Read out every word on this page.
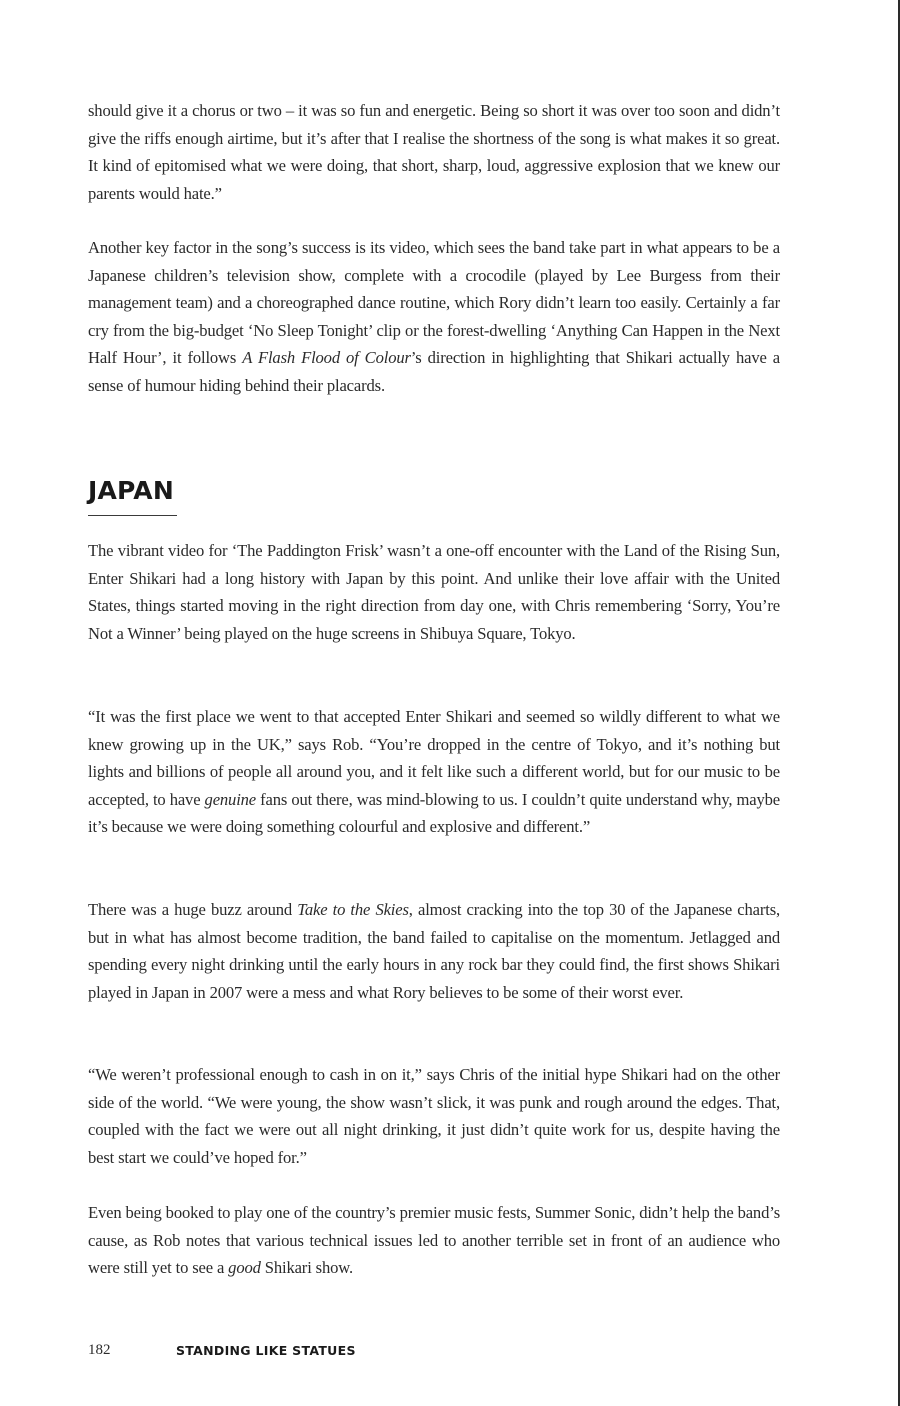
should give it a chorus or two – it was so fun and energetic. Being so short it was over too soon and didn’t give the riffs enough airtime, but it’s after that I realise the shortness of the song is what makes it so great. It kind of epitomised what we were doing, that short, sharp, loud, aggressive explosion that we knew our parents would hate.”

Another key factor in the song’s success is its video, which sees the band take part in what appears to be a Japanese children’s television show, complete with a crocodile (played by Lee Burgess from their management team) and a choreographed dance routine, which Rory didn’t learn too easily. Certainly a far cry from the big-budget ‘No Sleep Tonight’ clip or the forest-dwelling ‘Anything Can Happen in the Next Half Hour’, it follows A Flash Flood of Colour’s direction in highlighting that Shikari actually have a sense of humour hiding behind their placards.

JAPAN

The vibrant video for ‘The Paddington Frisk’ wasn’t a one-off encounter with the Land of the Rising Sun, Enter Shikari had a long history with Japan by this point. And unlike their love affair with the United States, things started moving in the right direction from day one, with Chris remembering ‘Sorry, You’re Not a Winner’ being played on the huge screens in Shibuya Square, Tokyo.

“It was the first place we went to that accepted Enter Shikari and seemed so wildly different to what we knew growing up in the UK,” says Rob. “You’re dropped in the centre of Tokyo, and it’s nothing but lights and billions of people all around you, and it felt like such a different world, but for our music to be accepted, to have genuine fans out there, was mind-blowing to us. I couldn’t quite understand why, maybe it’s because we were doing something colourful and explosive and different.”

There was a huge buzz around Take to the Skies, almost cracking into the top 30 of the Japanese charts, but in what has almost become tradition, the band failed to capitalise on the momentum. Jetlagged and spending every night drinking until the early hours in any rock bar they could find, the first shows Shikari played in Japan in 2007 were a mess and what Rory believes to be some of their worst ever.

“We weren’t professional enough to cash in on it,” says Chris of the initial hype Shikari had on the other side of the world. “We were young, the show wasn’t slick, it was punk and rough around the edges. That, coupled with the fact we were out all night drinking, it just didn’t quite work for us, despite having the best start we could’ve hoped for.”

Even being booked to play one of the country’s premier music fests, Summer Sonic, didn’t help the band’s cause, as Rob notes that various technical issues led to another terrible set in front of an audience who were still yet to see a good Shikari show.

182	STANDING LIKE STATUES
